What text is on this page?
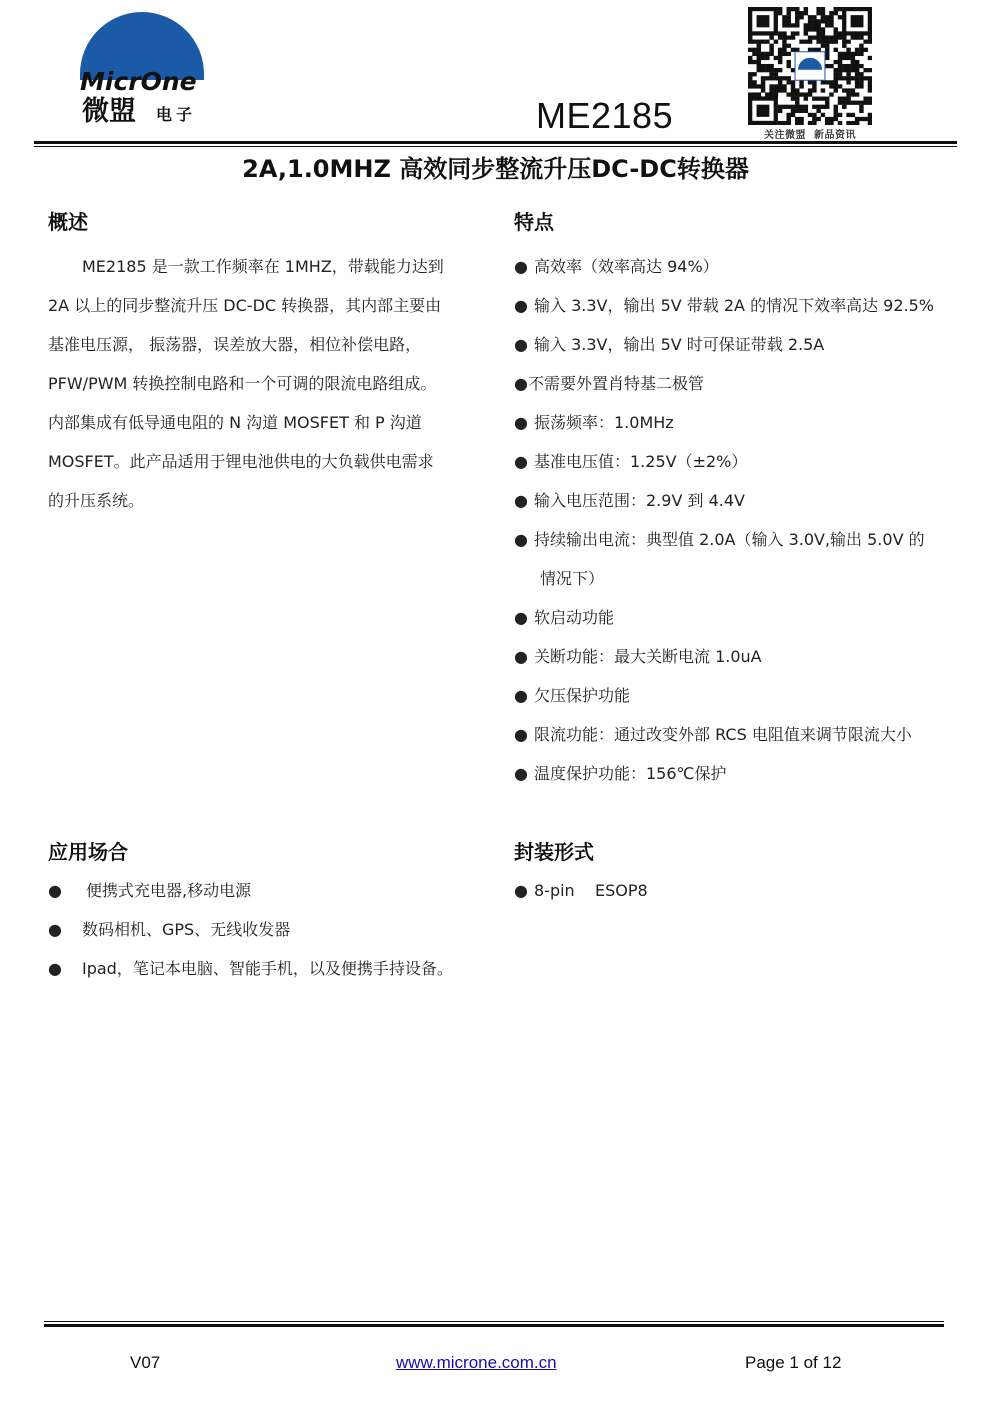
MicrOne
微盟 电子	ME2185	关注微盟  新品资讯
2A,1.0MHZ 高效同步整流升压DC-DC转换器
概述
ME2185 是一款工作频率在 1MHZ，带载能力达到
2A 以上的同步整流升压 DC-DC 转换器，其内部主要由
基准电压源， 振荡器，误差放大器，相位补偿电路，
PFW/PWM 转换控制电路和一个可调的限流电路组成。
内部集成有低导通电阻的 N 沟道 MOSFET 和 P 沟道
MOSFET。此产品适用于锂电池供电的大负载供电需求
的升压系统。
特点
● 高效率（效率高达 94%）
● 输入 3.3V，输出 5V 带载 2A 的情况下效率高达 92.5%
● 输入 3.3V，输出 5V 时可保证带载 2.5A
●不需要外置肖特基二极管
● 振荡频率：1.0MHz
● 基准电压值：1.25V（±2%）
● 输入电压范围：2.9V 到 4.4V
● 持续输出电流：典型值 2.0A（输入 3.0V,输出 5.0V 的
情况下）
● 软启动功能
● 关断功能：最大关断电流 1.0uA
● 欠压保护功能
● 限流功能：通过改变外部 RCS 电阻值来调节限流大小
● 温度保护功能：156℃保护
应用场合
● 便携式充电器,移动电源
● 数码相机、GPS、无线收发器
● Ipad，笔记本电脑、智能手机，以及便携手持设备。
封装形式
● 8-pin    ESOP8
V07	www.microne.com.cn	Page 1 of 12
